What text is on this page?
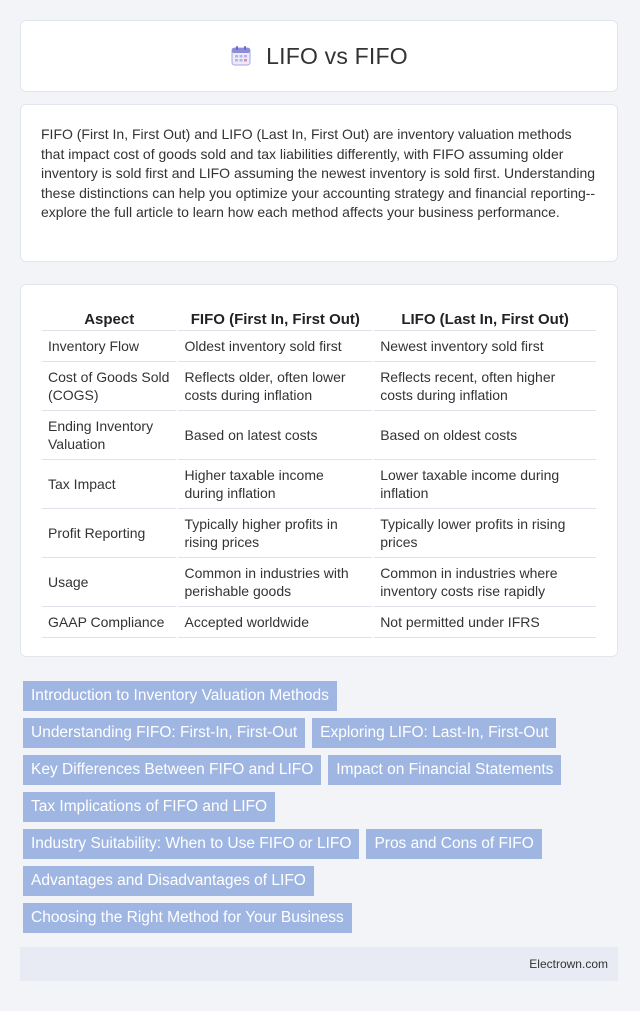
LIFO vs FIFO

FIFO (First In, First Out) and LIFO (Last In, First Out) are inventory valuation methods that impact cost of goods sold and tax liabilities differently, with FIFO assuming older inventory is sold first and LIFO assuming the newest inventory is sold first. Understanding these distinctions can help you optimize your accounting strategy and financial reporting--explore the full article to learn how each method affects your business performance.

Aspect	FIFO (First In, First Out)	LIFO (Last In, First Out)
Inventory Flow	Oldest inventory sold first	Newest inventory sold first
Cost of Goods Sold (COGS)	Reflects older, often lower costs during inflation	Reflects recent, often higher costs during inflation
Ending Inventory Valuation	Based on latest costs	Based on oldest costs
Tax Impact	Higher taxable income during inflation	Lower taxable income during inflation
Profit Reporting	Typically higher profits in rising prices	Typically lower profits in rising prices
Usage	Common in industries with perishable goods	Common in industries where inventory costs rise rapidly
GAAP Compliance	Accepted worldwide	Not permitted under IFRS
Introduction to Inventory Valuation Methods
Understanding FIFO: First-In, First-Out	Exploring LIFO: Last-In, First-Out
Key Differences Between FIFO and LIFO	Impact on Financial Statements
Tax Implications of FIFO and LIFO
Industry Suitability: When to Use FIFO or LIFO	Pros and Cons of FIFO
Advantages and Disadvantages of LIFO
Choosing the Right Method for Your Business
Electrown.com
